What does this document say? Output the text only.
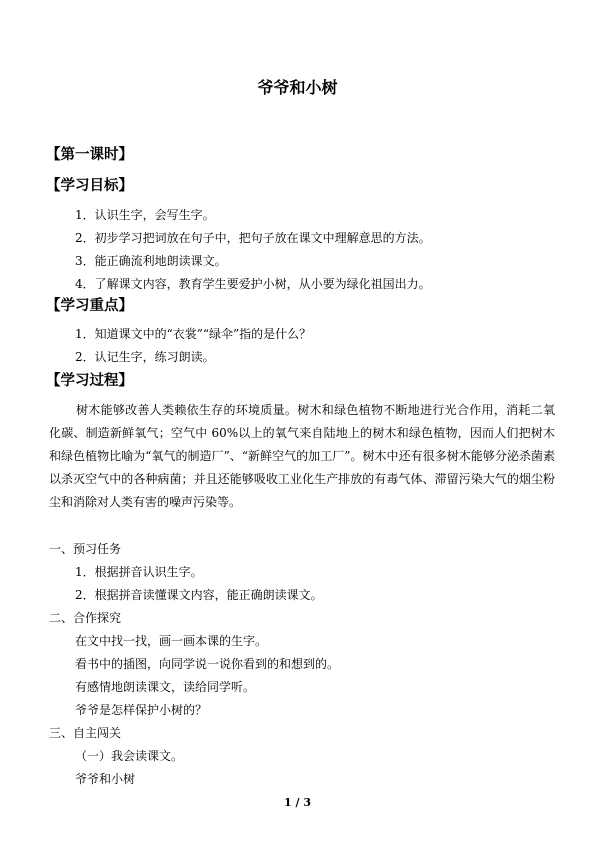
爷爷和小树
【第一课时】
【学习目标】
1．认识生字，会写生字。
2．初步学习把词放在句子中，把句子放在课文中理解意思的方法。
3．能正确流利地朗读课文。
4．了解课文内容，教育学生要爱护小树，从小要为绿化祖国出力。
【学习重点】
1．知道课文中的“衣裳”“绿伞”指的是什么？
2．认记生字，练习朗读。
【学习过程】
树木能够改善人类赖依生存的环境质量。树木和绿色植物不断地进行光合作用，消耗二氧化碳、制造新鲜氧气；空气中 60%以上的氧气来自陆地上的树木和绿色植物，因而人们把树木和绿色植物比喻为“氧气的制造厂”、“新鲜空气的加工厂”。树木中还有很多树木能够分泌杀菌素以杀灭空气中的各种病菌；并且还能够吸收工业化生产排放的有毒气体、滞留污染大气的烟尘粉尘和消除对人类有害的噪声污染等。
一、预习任务
1．根据拼音认识生字。
2．根据拼音读懂课文内容，能正确朗读课文。
二、合作探究
在文中找一找，画一画本课的生字。
看书中的插图，向同学说一说你看到的和想到的。
有感情地朗读课文，读给同学听。
爷爷是怎样保护小树的？
三、自主闯关
（一）我会读课文。
爷爷和小树
1 / 3
